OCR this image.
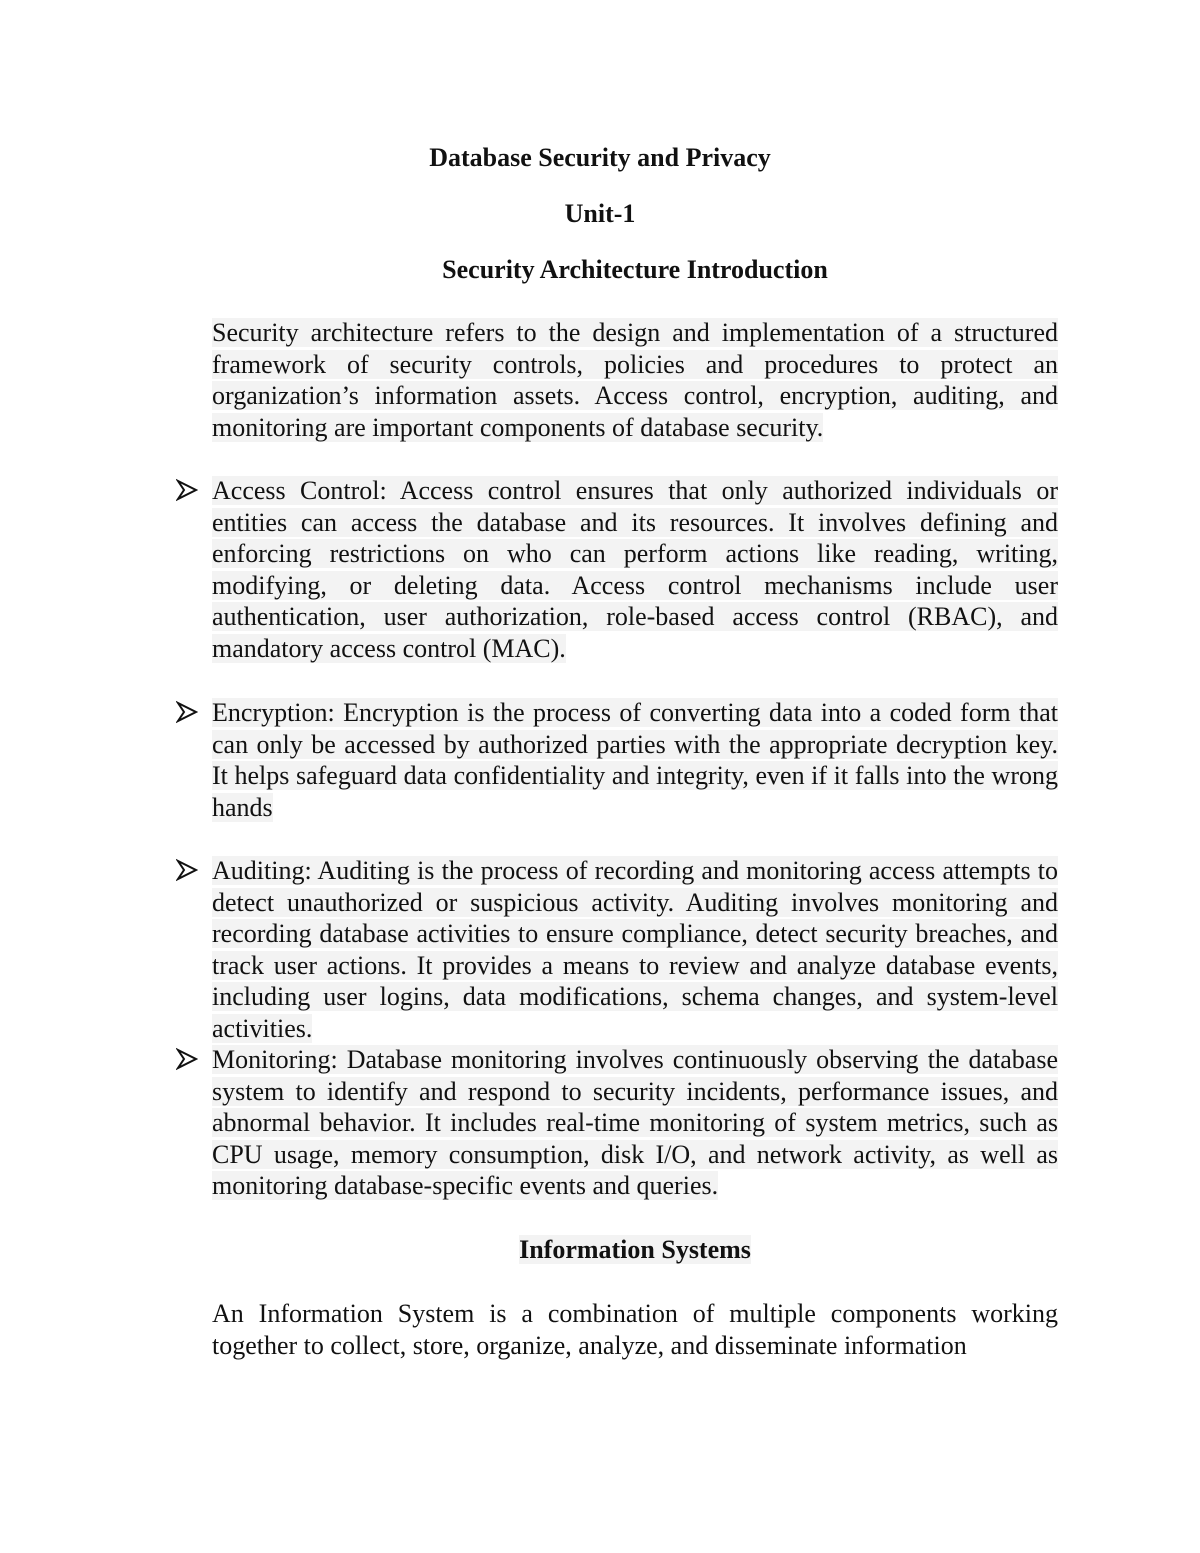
Database Security and Privacy
Unit-1
Security Architecture Introduction

Security architecture refers to the design and implementation of a structured framework of security controls, policies and procedures to protect an organization’s information assets. Access control, encryption, auditing, and monitoring are important components of database security.

Access Control: Access control ensures that only authorized individuals or entities can access the database and its resources. It involves defining and enforcing restrictions on who can perform actions like reading, writing, modifying, or deleting data. Access control mechanisms include user authentication, user authorization, role-based access control (RBAC), and mandatory access control (MAC).
Encryption: Encryption is the process of converting data into a coded form that can only be accessed by authorized parties with the appropriate decryption key. It helps safeguard data confidentiality and integrity, even if it falls into the wrong hands
Auditing: Auditing is the process of recording and monitoring access attempts to detect unauthorized or suspicious activity. Auditing involves monitoring and recording database activities to ensure compliance, detect security breaches, and track user actions. It provides a means to review and analyze database events, including user logins, data modifications, schema changes, and system-level activities.
Monitoring: Database monitoring involves continuously observing the database system to identify and respond to security incidents, performance issues, and abnormal behavior. It includes real-time monitoring of system metrics, such as CPU usage, memory consumption, disk I/O, and network activity, as well as monitoring database-specific events and queries.
Information Systems

An Information System is a combination of multiple components working together to collect, store, organize, analyze, and disseminate information
